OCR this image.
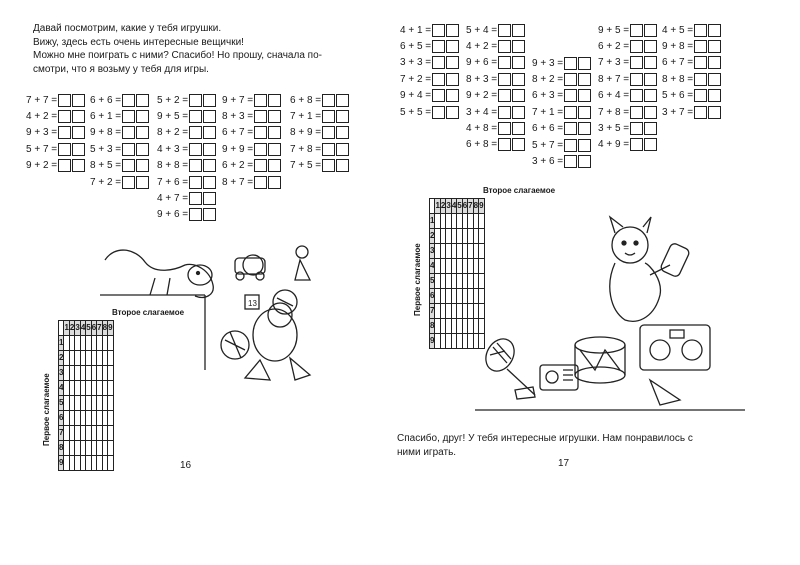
Давай посмотрим, какие у тебя игрушки.

Вижу, здесь есть очень интересные вещички!

Можно мне поиграть с ними? Спасибо! Но прошу, сначала по-

смотри, что я возьму у тебя для игры.

7 + 7 =
4 + 2 =
9 + 3 =
5 + 7 =
9 + 2 =
6 + 6 =
6 + 1 =
9 + 8 =
5 + 3 =
8 + 5 =
7 + 2 =
5 + 2 =
9 + 5 =
8 + 2 =
4 + 3 =
8 + 8 =
7 + 6 =
4 + 7 =
9 + 6 =
9 + 7 =
8 + 3 =
6 + 7 =
9 + 9 =
6 + 2 =
8 + 7 =
6 + 8 =
7 + 1 =
8 + 9 =
7 + 8 =
7 + 5 =
13
Второе слагаемое
Первое слагаемое
	1	2	3	4	5	6	7	8	9
1									
2									
3									
4									
5									
6									
7									
8									
9										16
4 + 1 =
6 + 5 =
3 + 3 =
7 + 2 =
9 + 4 =
5 + 5 =
5 + 4 =
4 + 2 =
9 + 6 =
8 + 3 =
9 + 2 =
3 + 4 =
4 + 8 =
6 + 8 =
9 + 3 =
8 + 2 =
6 + 3 =
7 + 1 =
6 + 6 =
5 + 7 =
3 + 6 =
9 + 5 =
6 + 2 =
7 + 3 =
8 + 7 =
6 + 4 =
7 + 8 =
3 + 5 =
4 + 9 =
4 + 5 =
9 + 8 =
6 + 7 =
8 + 8 =
5 + 6 =
3 + 7 =
Второе слагаемое
Первое слагаемое
	1	2	3	4	5	6	7	8	9
1									
2									
3									
4									
5									
6									
7									
8									
9									

Спасибо, друг! У тебя интересные игрушки. Нам понравилось с

ними играть.

17
